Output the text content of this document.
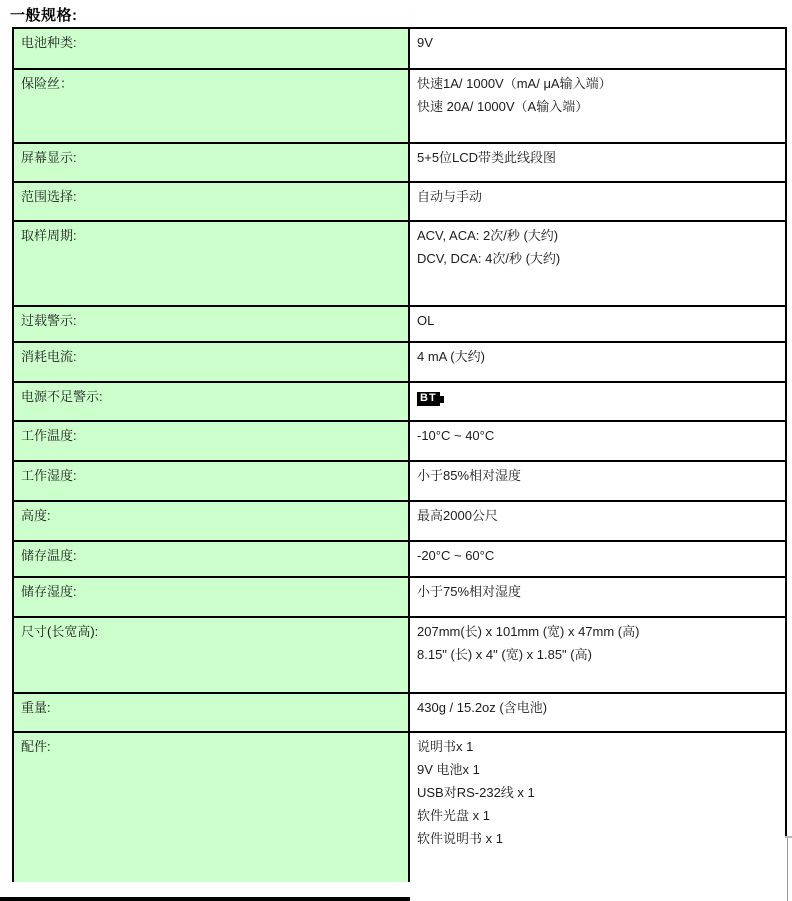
一般规格:
电池种类:	9V

保险丝：	快速1A/ 1000V（mA/ μA输入端）
快速 20A/ 1000V（A输入端）

屏幕显示:	5+5位LCD带类此线段图

范围选择:	自动与手动

取样周期:	ACV, ACA: 2次/秒 (大约)
DCV, DCA: 4次/秒 (大约)

过载警示:	OL

消耗电流:	4 mA (大约)

电源不足警示:	BT

工作温度:	-10°C ~ 40°C

工作湿度:	小于85%相对湿度

高度:	最高2000公尺

储存温度:	-20°C ~ 60°C

储存湿度:	小于75%相对湿度

尺寸(长宽高):	207mm(长) x 101mm (宽) x 47mm (高)
8.15" (长) x 4" (宽) x 1.85" (高)

重量:	430g / 15.2oz (含电池)

配件:	说明书x 1
9V 电池x 1
USB对RS-232线 x 1
软件光盘 x 1
软件说明书 x 1
